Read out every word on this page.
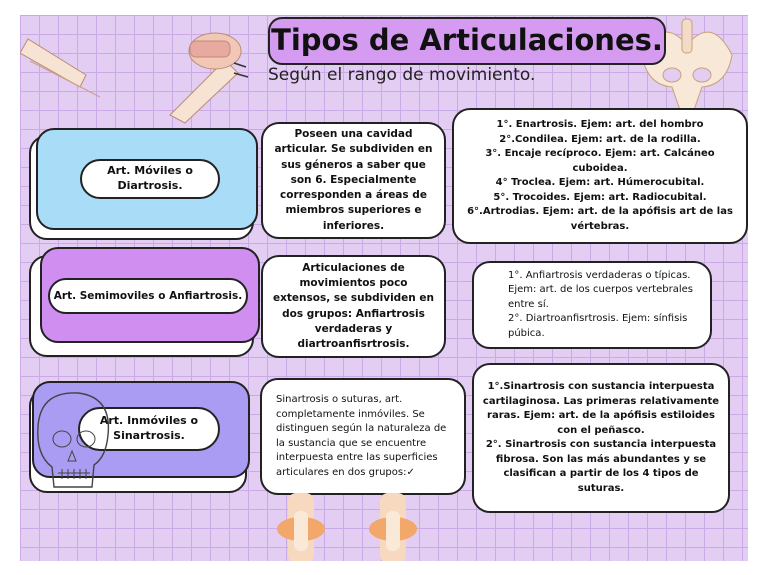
Tipos de Articulaciones.
Según el rango de movimiento.
Art. Móviles o
Diartrosis.
Poseen una cavidad articular. Se subdividen en sus géneros a saber que son 6. Especialmente corresponden a áreas de miembros superiores e inferiores.
1°. Enartrosis. Ejem: art. del hombro
2°.Condilea. Ejem: art. de la rodilla.
3°. Encaje recíproco. Ejem: art. Calcáneo cuboidea.
4° Troclea. Ejem: art. Húmerocubital.
5°. Trocoides. Ejem: art. Radiocubital.
6°.Artrodias. Ejem: art. de la apófisis art de las vértebras.
Art. Semimoviles o Anfiartrosis.
Articulaciones de movimientos poco extensos, se subdividen en dos grupos: Anfiartrosis verdaderas y diartroanfisrtrosis.
1°. Anfiartrosis verdaderas o típicas. Ejem: art. de los cuerpos vertebrales entre sí.
2°. Diartroanfisrtrosis. Ejem: sínfisis púbica.
Art. Inmóviles o
Sinartrosis.
Sinartrosis o suturas, art. completamente inmóviles. Se distinguen según la naturaleza de la sustancia que se encuentre interpuesta entre las superficies articulares en dos grupos:✓
1°.Sinartrosis con sustancia interpuesta cartilaginosa. Las primeras relativamente raras. Ejem: art. de la apófisis estiloides con el peñasco.
2°. Sinartrosis con sustancia interpuesta fibrosa. Son las más abundantes y se clasifican a partir de los 4 tipos de suturas.
